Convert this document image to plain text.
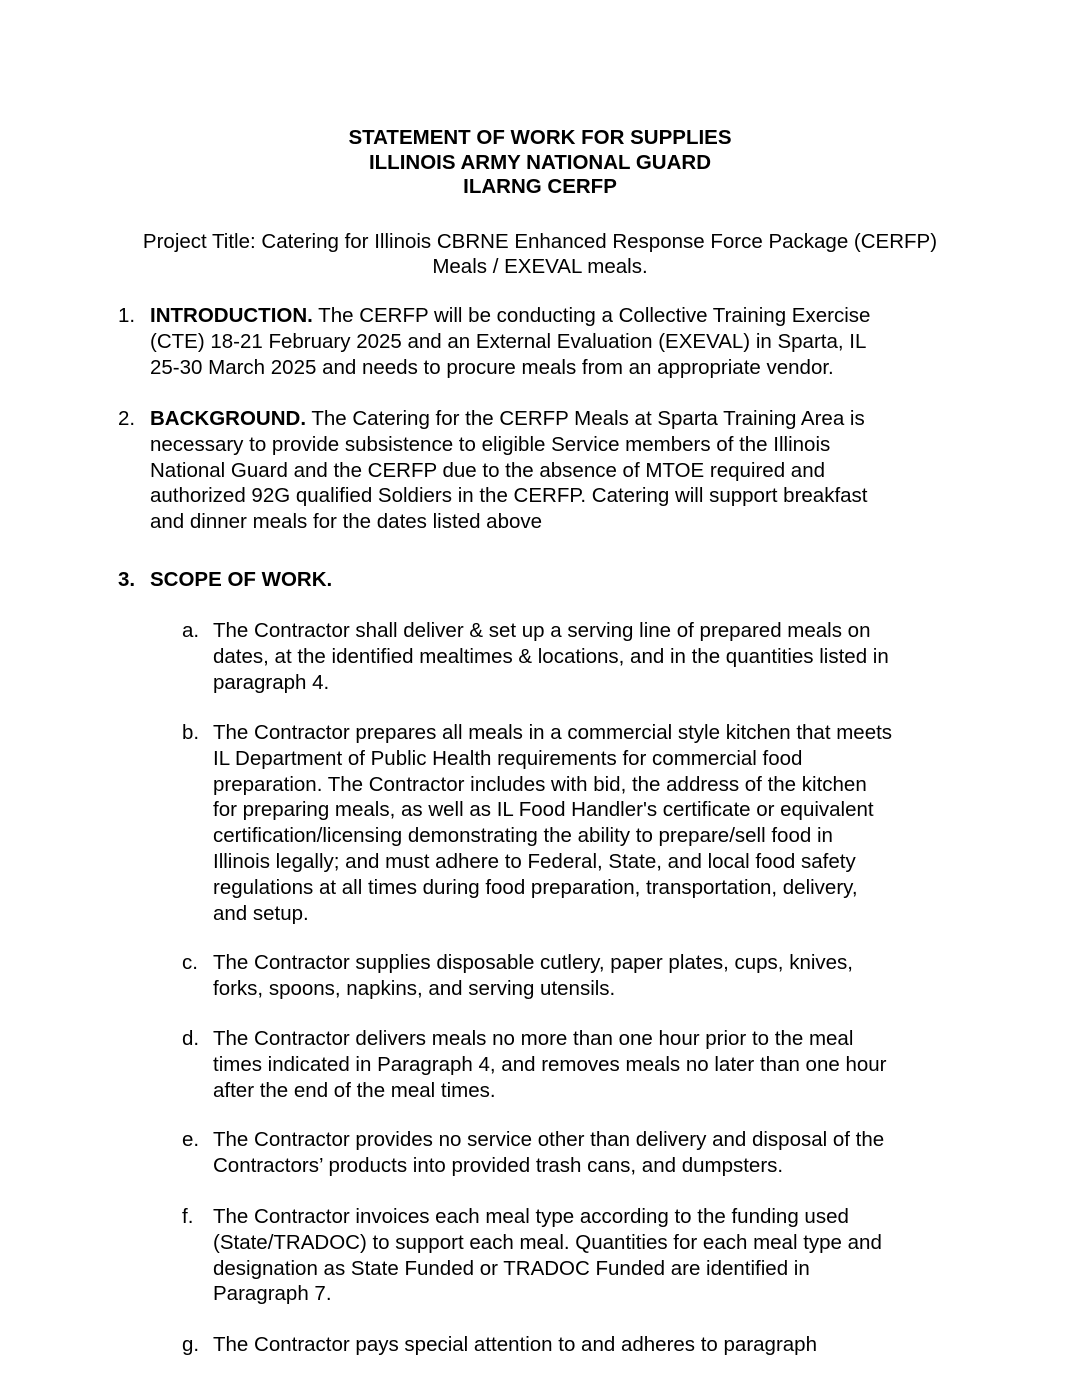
STATEMENT OF WORK FOR SUPPLIES
ILLINOIS ARMY NATIONAL GUARD
ILARNG CERFP
Project Title: Catering for Illinois CBRNE Enhanced Response Force Package (CERFP)
Meals / EXEVAL meals.
1. INTRODUCTION. The CERFP will be conducting a Collective Training Exercise
(CTE) 18-21 February 2025 and an External Evaluation (EXEVAL) in Sparta, IL
25-30 March 2025 and needs to procure meals from an appropriate vendor.
2. BACKGROUND. The Catering for the CERFP Meals at Sparta Training Area is
necessary to provide subsistence to eligible Service members of the Illinois
National Guard and the CERFP due to the absence of MTOE required and
authorized 92G qualified Soldiers in the CERFP. Catering will support breakfast
and dinner meals for the dates listed above
3. SCOPE OF WORK.
a. The Contractor shall deliver & set up a serving line of prepared meals on
dates, at the identified mealtimes & locations, and in the quantities listed in
paragraph 4.
b. The Contractor prepares all meals in a commercial style kitchen that meets
IL Department of Public Health requirements for commercial food
preparation. The Contractor includes with bid, the address of the kitchen
for preparing meals, as well as IL Food Handler's certificate or equivalent
certification/licensing demonstrating the ability to prepare/sell food in
Illinois legally; and must adhere to Federal, State, and local food safety
regulations at all times during food preparation, transportation, delivery,
and setup.
c. The Contractor supplies disposable cutlery, paper plates, cups, knives,
forks, spoons, napkins, and serving utensils.
d. The Contractor delivers meals no more than one hour prior to the meal
times indicated in Paragraph 4, and removes meals no later than one hour
after the end of the meal times.
e. The Contractor provides no service other than delivery and disposal of the
Contractors’ products into provided trash cans, and dumpsters.
f. The Contractor invoices each meal type according to the funding used
(State/TRADOC) to support each meal. Quantities for each meal type and
designation as State Funded or TRADOC Funded are identified in
Paragraph 7.
g. The Contractor pays special attention to and adheres to paragraph
